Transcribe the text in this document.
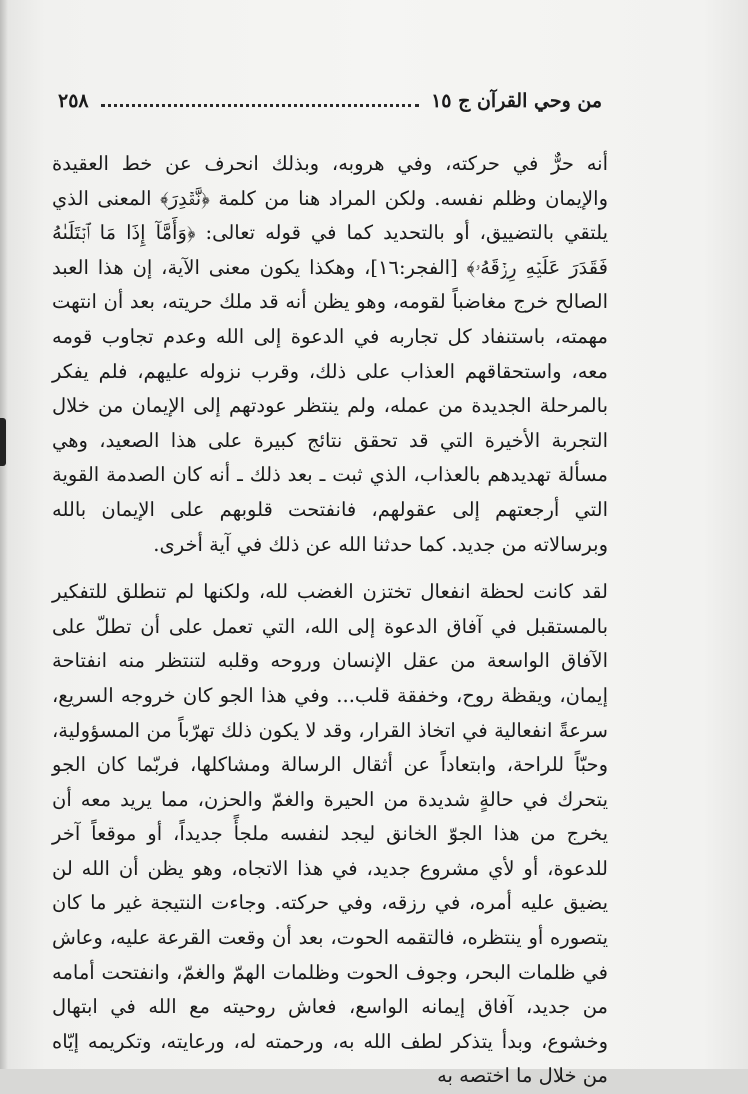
من وحي القرآن ج ١٥
٢٥٨

أنه حرٌّ في حركته، وفي هروبه، وبذلك انحرف عن خط العقيدة والإيمان وظلم نفسه. ولكن المراد هنا من كلمة ﴿نَّقۡدِرَ﴾ المعنى الذي يلتقي بالتضييق، أو بالتحديد كما في قوله تعالى: ﴿وَأَمَّآ إِذَا مَا ٱبۡتَلَىٰهُ فَقَدَرَ عَلَيۡهِ رِزۡقَهُۥ﴾ [الفجر:١٦]، وهكذا يكون معنى الآية، إن هذا العبد الصالح خرج مغاضباً لقومه، وهو يظن أنه قد ملك حريته، بعد أن انتهت مهمته، باستنفاد كل تجاربه في الدعوة إلى الله وعدم تجاوب قومه معه، واستحقاقهم العذاب على ذلك، وقرب نزوله عليهم، فلم يفكر بالمرحلة الجديدة من عمله، ولم ينتظر عودتهم إلى الإيمان من خلال التجربة الأخيرة التي قد تحقق نتائج كبيرة على هذا الصعيد، وهي مسألة تهديدهم بالعذاب، الذي ثبت ـ بعد ذلك ـ أنه كان الصدمة القوية التي أرجعتهم إلى عقولهم، فانفتحت قلوبهم على الإيمان بالله وبرسالاته من جديد. كما حدثنا الله عن ذلك في آية أخرى.

لقد كانت لحظة انفعال تختزن الغضب لله، ولكنها لم تنطلق للتفكير بالمستقبل في آفاق الدعوة إلى الله، التي تعمل على أن تطلّ على الآفاق الواسعة من عقل الإنسان وروحه وقلبه لتنتظر منه انفتاحة إيمان، ويقظة روح، وخفقة قلب... وفي هذا الجو كان خروجه السريع، سرعةً انفعالية في اتخاذ القرار، وقد لا يكون ذلك تهرّباً من المسؤولية، وحبّاً للراحة، وابتعاداً عن أثقال الرسالة ومشاكلها، فربّما كان الجو يتحرك في حالةٍ شديدة من الحيرة والغمّ والحزن، مما يريد معه أن يخرج من هذا الجوّ الخانق ليجد لنفسه ملجأً جديداً، أو موقعاً آخر للدعوة، أو لأي مشروع جديد، في هذا الاتجاه، وهو يظن أن الله لن يضيق عليه أمره، في رزقه، وفي حركته. وجاءت النتيجة غير ما كان يتصوره أو ينتظره، فالتقمه الحوت، بعد أن وقعت القرعة عليه، وعاش في ظلمات البحر، وجوف الحوت وظلمات الهمّ والغمّ، وانفتحت أمامه من جديد، آفاق إيمانه الواسع، فعاش روحيته مع الله في ابتهال وخشوع، وبدأ يتذكر لطف الله به، ورحمته له، ورعايته، وتكريمه إيّاه من خلال ما اختصه به
